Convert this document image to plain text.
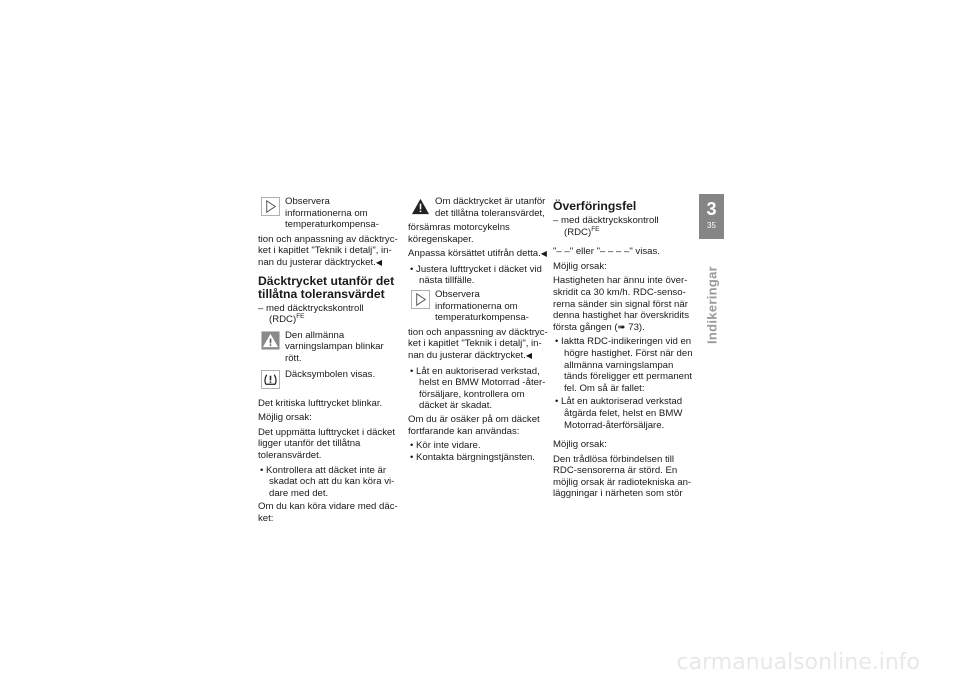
Observera informationerna om temperaturkompensa-

tion och anpassning av däcktrycket i kapitlet "Teknik i detalj", innan du justerar däcktrycket.◀

Däcktrycket utanför det tillåtna toleransvärdet

– med däcktryckskontroll
(RDC)$^{FE}$

Den allmänna varningslampan blinkar rött.

Däcksymbolen visas.

Det kritiska lufttrycket blinkar.

Möjlig orsak:

Det uppmätta lufttrycket i däcket ligger utanför det tillåtna toleransvärdet.

• Kontrollera att däcket inte är skadat och att du kan köra vidare med det.

Om du kan köra vidare med däcket:

Om däcktrycket är utanför det tillåtna toleransvärdet,

försämras motorcykelns köregenskaper.

Anpassa körsättet utifrån detta.◀

• Justera lufttrycket i däcket vid nästa tillfälle.

Observera informationerna om temperaturkompensa-

tion och anpassning av däcktrycket i kapitlet "Teknik i detalj", innan du justerar däcktrycket.◀

• Låt en auktoriserad verkstad, helst en BMW Motorrad -återförsäljare, kontrollera om däcket är skadat.

Om du är osäker på om däcket fortfarande kan användas:

• Kör inte vidare.

• Kontakta bärgningstjänsten.

Överföringsfel

– med däcktryckskontroll
(RDC)$^{FE}$

"– –" eller "– – – –" visas.

Möjlig orsak:

Hastigheten har ännu inte överskridit ca 30 km/h. RDC-sensorerna sänder sin signal först när denna hastighet har överskridits första gången (➠ 73).

• Iaktta RDC-indikeringen vid en högre hastighet. Först när den allmänna varningslampan tänds föreligger ett permanent fel. Om så är fallet:

• Låt en auktoriserad verkstad åtgärda felet, helst en BMW Motorrad-återförsäljare.

Möjlig orsak:

Den trådlösa förbindelsen till RDC-sensorerna är störd. En möjlig orsak är radiotekniska anläggningar i närheten som stör

3
35
Indikeringar
carmanualsonline.info
